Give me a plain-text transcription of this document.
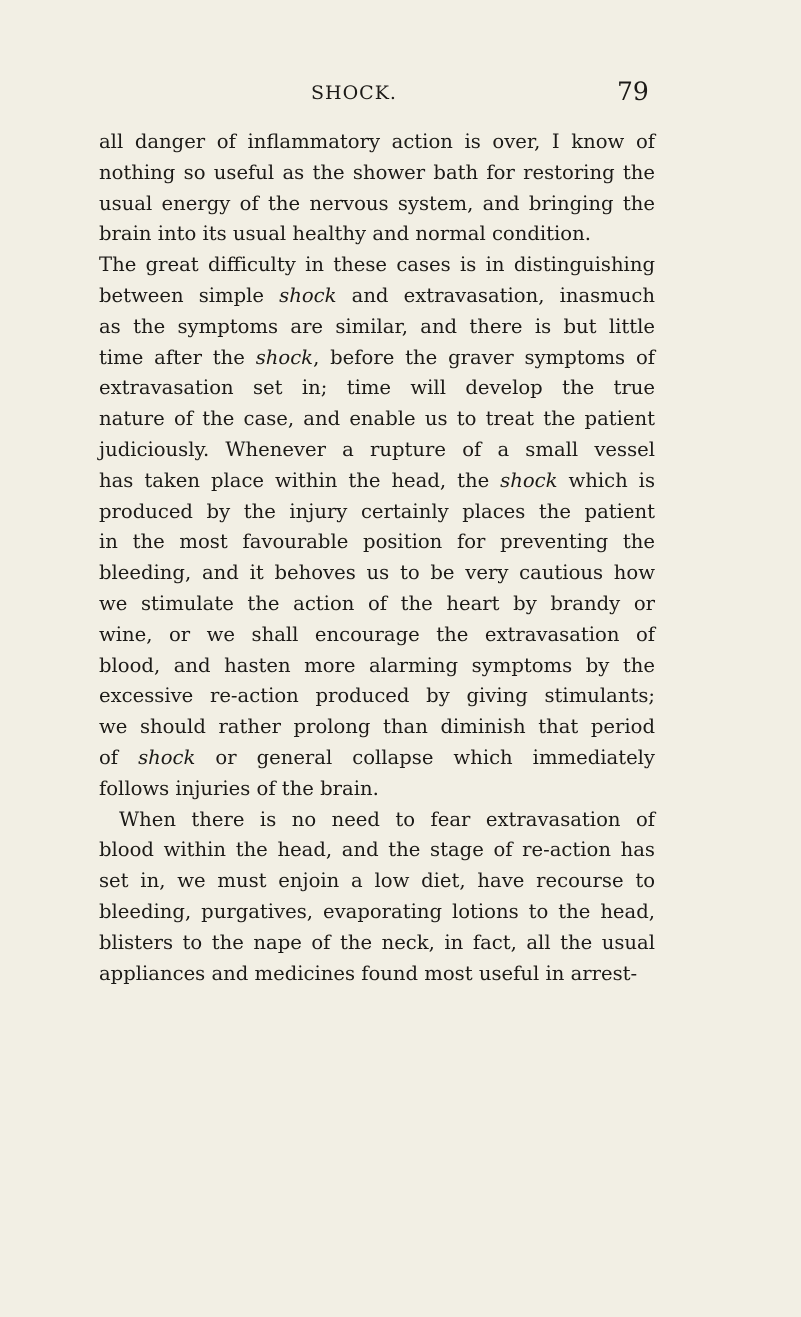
SHOCK.	79
all danger of inflammatory action is over, I know of
nothing so useful as the shower bath for restoring the
usual energy of the nervous system, and bringing the
brain into its usual healthy and normal condition.
The great difficulty in these cases is in distinguishing
between simple shock and extravasation, inasmuch
as the symptoms are similar, and there is but little
time after the shock, before the graver symptoms of
extravasation set in; time will develop the true
nature of the case, and enable us to treat the patient
judiciously. Whenever a rupture of a small vessel
has taken place within the head, the shock which is
produced by the injury certainly places the patient
in the most favourable position for preventing the
bleeding, and it behoves us to be very cautious how
we stimulate the action of the heart by brandy or
wine, or we shall encourage the extravasation of
blood, and hasten more alarming symptoms by the
excessive re-action produced by giving stimulants;
we should rather prolong than diminish that period
of shock or general collapse which immediately
follows injuries of the brain.
When there is no need to fear extravasation of
blood within the head, and the stage of re-action has
set in, we must enjoin a low diet, have recourse to
bleeding, purgatives, evaporating lotions to the head,
blisters to the nape of the neck, in fact, all the usual
appliances and medicines found most useful in arrest-
